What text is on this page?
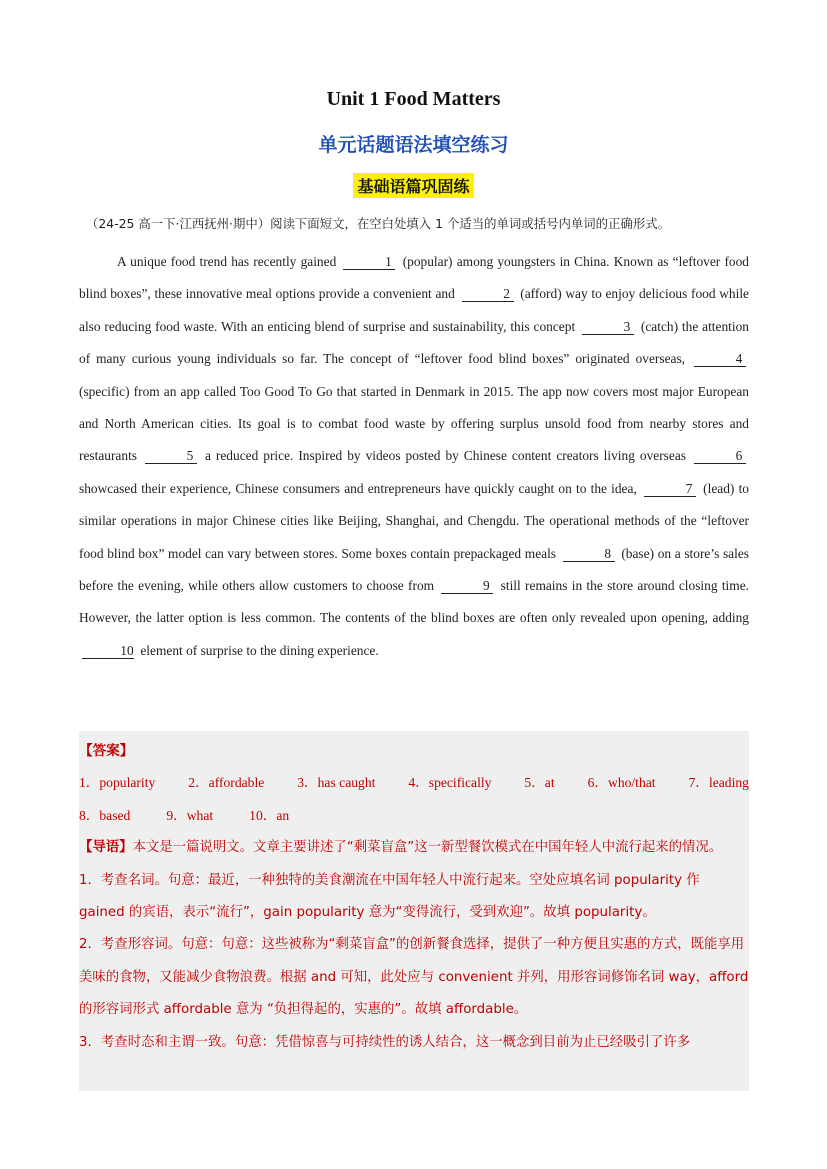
Unit 1 Food Matters
单元话题语法填空练习
基础语篇巩固练
（24-25 高一下·江西抚州·期中）阅读下面短文，在空白处填入 1 个适当的单词或括号内单词的正确形式。

A unique food trend has recently gained	1 (popular) among youngsters in China. Known as “leftover food blind boxes”, these innovative meal options provide a convenient and	2 (afford) way to enjoy delicious food while also reducing food waste. With an enticing blend of surprise and sustainability, this concept	3 (catch) the attention of many curious young individuals so far. The concept of “leftover food blind boxes” originated overseas,	4 (specific) from an app called Too Good To Go that started in Denmark in 2015. The app now covers most major European and North American cities. Its goal is to combat food waste by offering surplus unsold food from nearby stores and restaurants	5 a reduced price. Inspired by videos posted by Chinese content creators living overseas	6 showcased their experience, Chinese consumers and entrepreneurs have quickly caught on to the idea,	7 (lead) to similar operations in major Chinese cities like Beijing, Shanghai, and Chengdu. The operational methods of the “leftover food blind box” model can vary between stores. Some boxes contain prepackaged meals	8 (base) on a store’s sales before the evening, while others allow customers to choose from	9 still remains in the store around closing time. However, the latter option is less common. The contents of the blind boxes are often only revealed upon opening, adding 10 element of surprise to the dining experience.

【答案】
1．popularity 2．affordable 3．has caught 4．specifically 5．at 6．who/that 7．leading
8．based	9．what	10．an
【导语】本文是一篇说明文。文章主要讲述了“剩菜盲盒”这一新型餐饮模式在中国年轻人中流行起来的情况。
1．考查名词。句意：最近，一种独特的美食潮流在中国年轻人中流行起来。空处应填名词 popularity 作 gained 的宾语，表示“流行”，gain popularity 意为“变得流行，受到欢迎”。故填 popularity。
2．考查形容词。句意：句意：这些被称为“剩菜盲盒”的创新餐食选择，提供了一种方便且实惠的方式，既能享用美味的食物，又能减少食物浪费。根据 and 可知，此处应与 convenient 并列，用形容词修饰名词 way，afford 的形容词形式 affordable 意为 “负担得起的，实惠的”。故填 affordable。
3．考查时态和主谓一致。句意：凭借惊喜与可持续性的诱人结合，这一概念到目前为止已经吸引了许多
